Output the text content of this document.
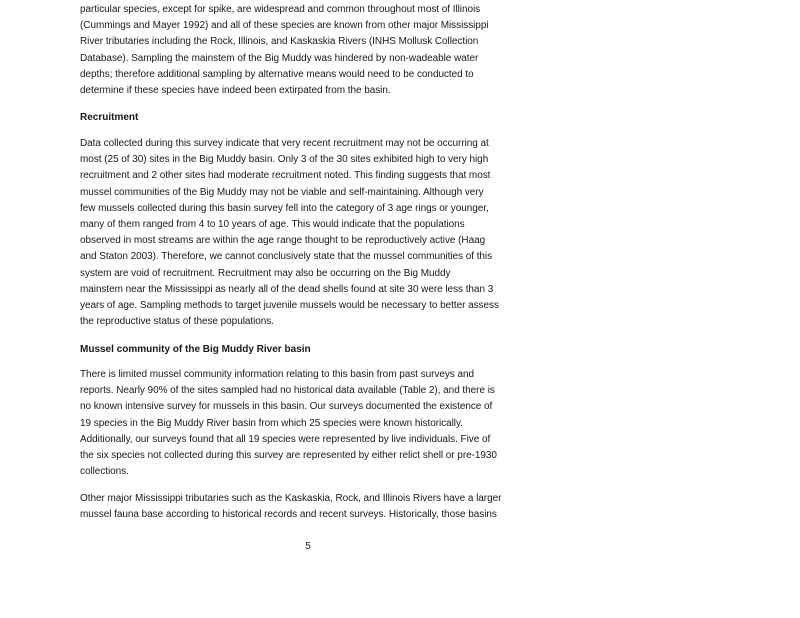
particular species, except for spike, are widespread and common throughout most of Illinois
(Cummings and Mayer 1992) and all of these species are known from other major Mississippi
River tributaries including the Rock, Illinois, and Kaskaskia Rivers (INHS Mollusk Collection
Database). Sampling the mainstem of the Big Muddy was hindered by non-wadeable water
depths; therefore additional sampling by alternative means would need to be conducted to
determine if these species have indeed been extirpated from the basin.
Recruitment
Data collected during this survey indicate that very recent recruitment may not be occurring at
most (25 of 30) sites in the Big Muddy basin. Only 3 of the 30 sites exhibited high to very high
recruitment and 2 other sites had moderate recruitment noted. This finding suggests that most
mussel communities of the Big Muddy may not be viable and self-maintaining. Although very
few mussels collected during this basin survey fell into the category of 3 age rings or younger,
many of them ranged from 4 to 10 years of age. This would indicate that the populations
observed in most streams are within the age range thought to be reproductively active (Haag
and Staton 2003). Therefore, we cannot conclusively state that the mussel communities of this
system are void of recruitment. Recruitment may also be occurring on the Big Muddy
mainstem near the Mississippi as nearly all of the dead shells found at site 30 were less than 3
years of age. Sampling methods to target juvenile mussels would be necessary to better assess
the reproductive status of these populations.
Mussel community of the Big Muddy River basin
There is limited mussel community information relating to this basin from past surveys and
reports. Nearly 90% of the sites sampled had no historical data available (Table 2), and there is
no known intensive survey for mussels in this basin. Our surveys documented the existence of
19 species in the Big Muddy River basin from which 25 species were known historically.
Additionally, our surveys found that all 19 species were represented by live individuals. Five of
the six species not collected during this survey are represented by either relict shell or pre-1930
collections.
Other major Mississippi tributaries such as the Kaskaskia, Rock, and Illinois Rivers have a larger
mussel fauna base according to historical records and recent surveys. Historically, those basins
5
